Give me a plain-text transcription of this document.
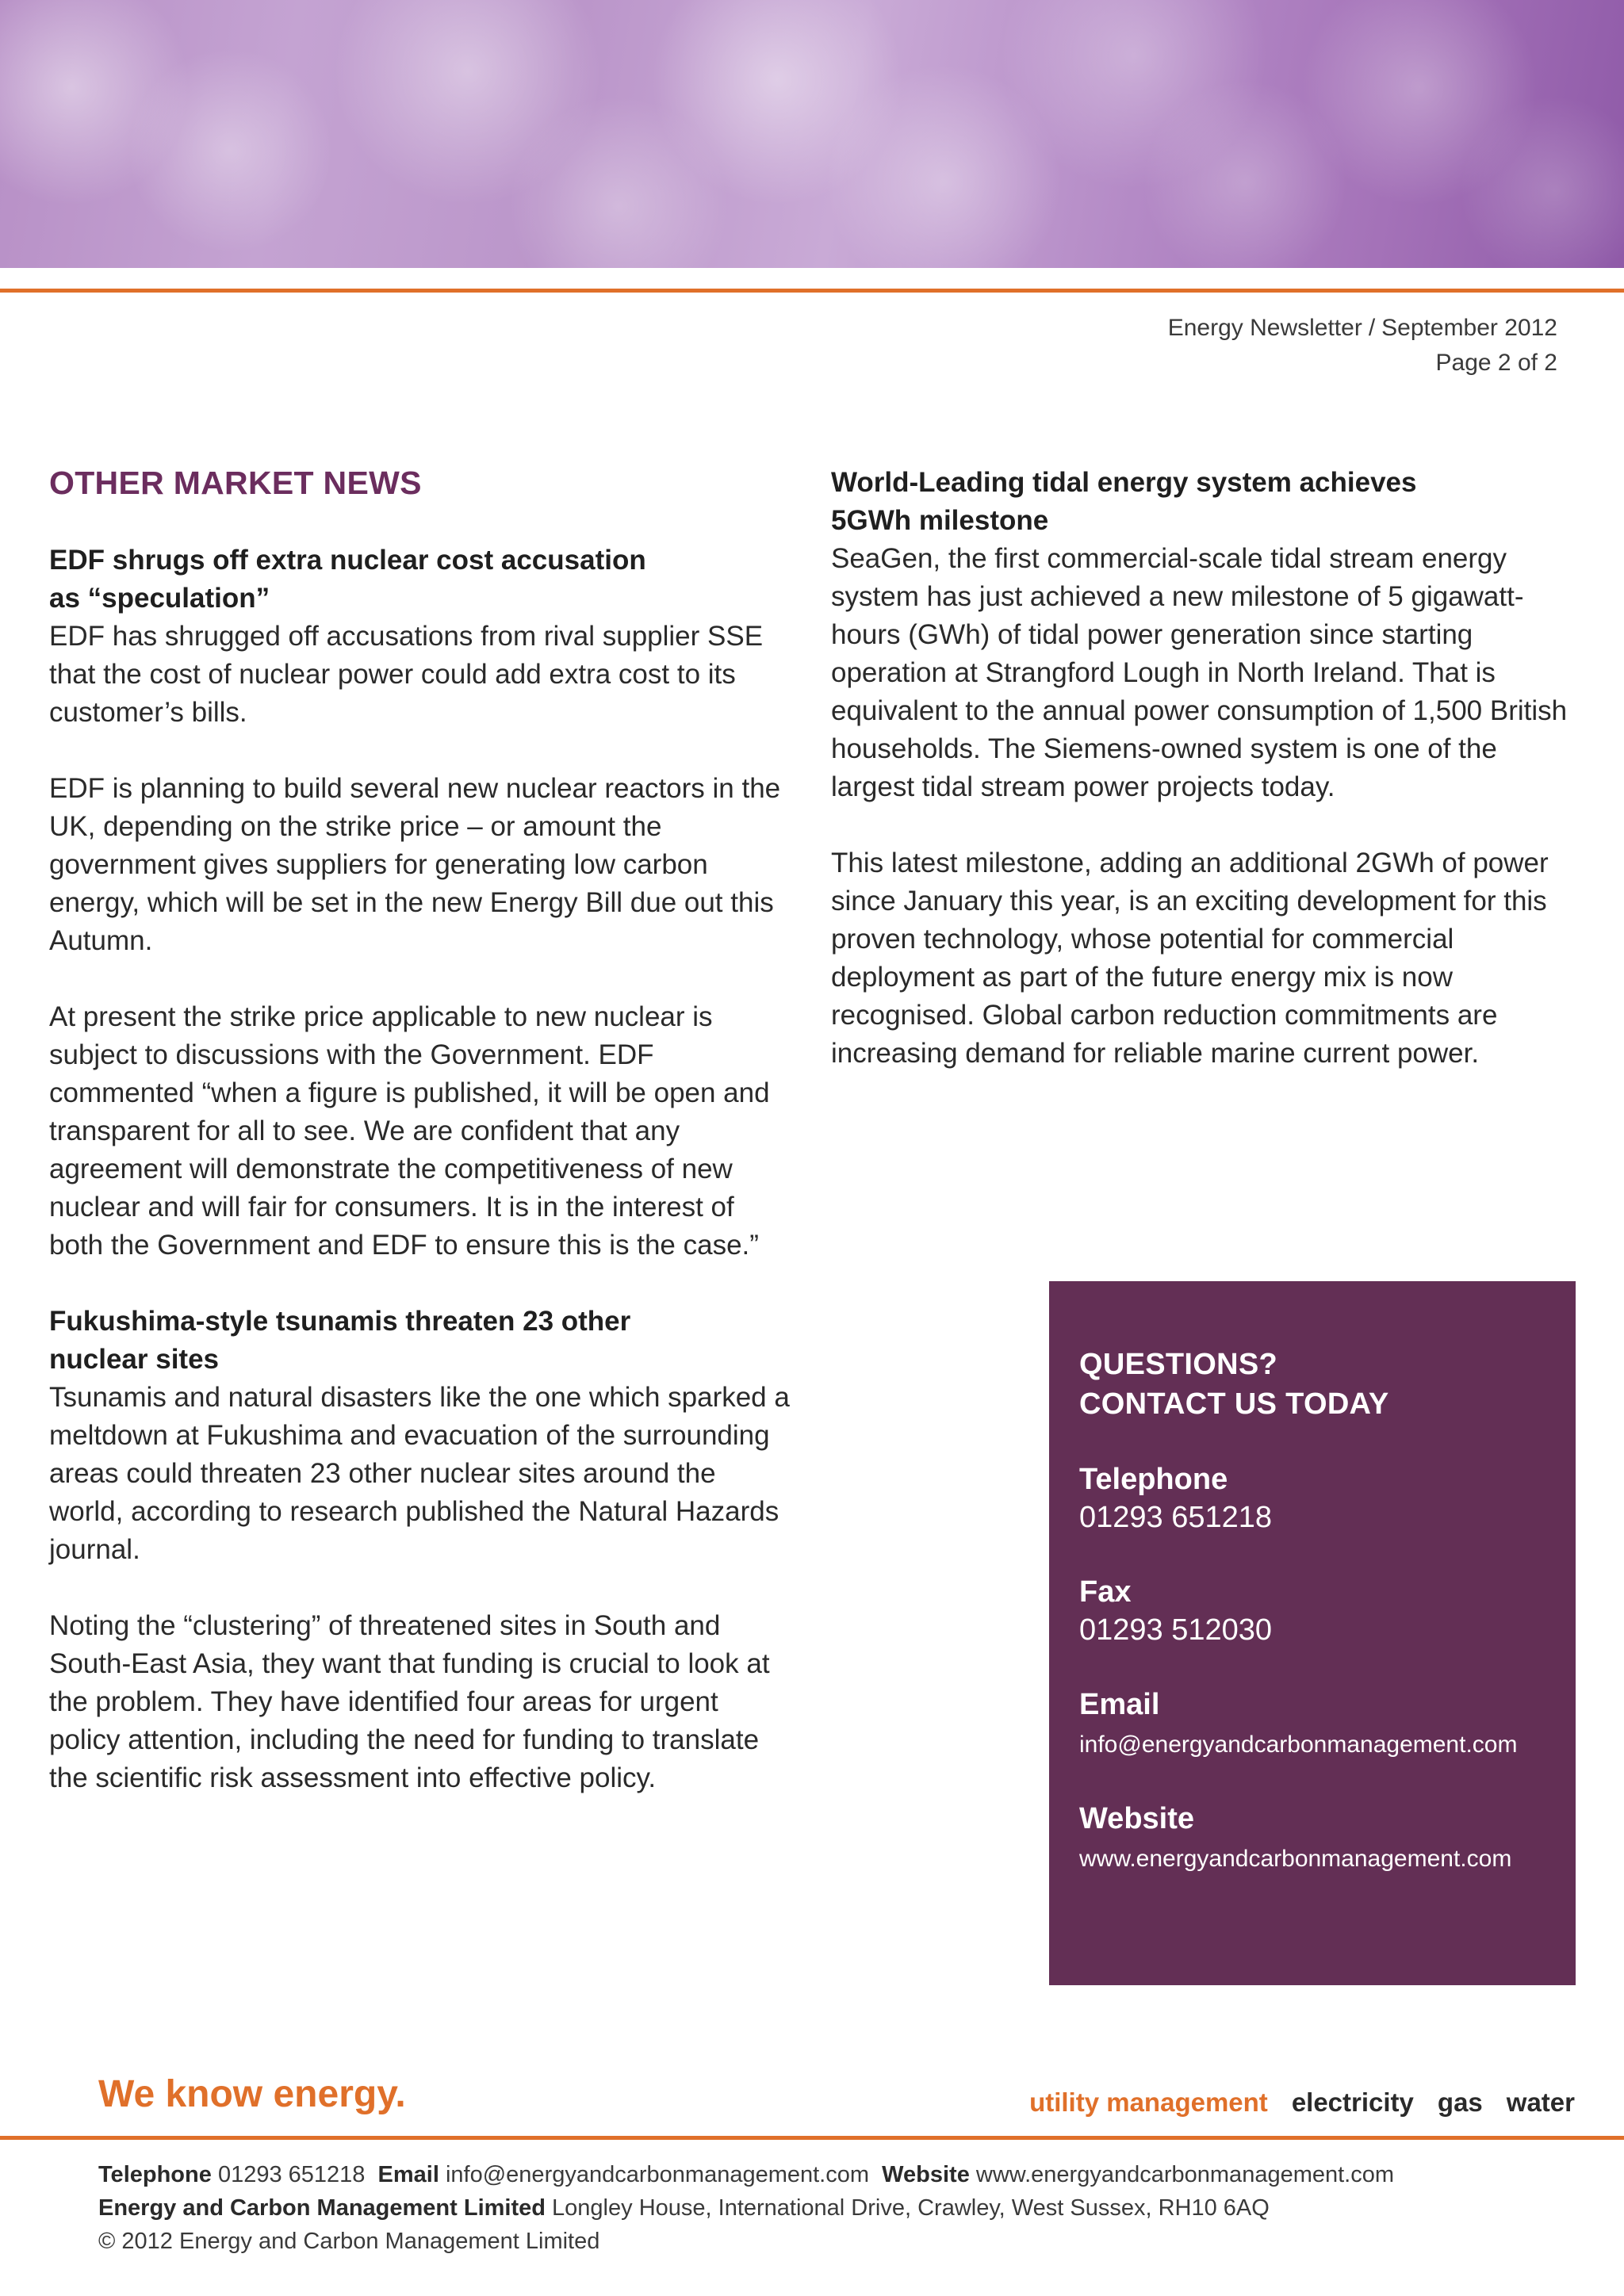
Energy Newsletter / September 2012
Page 2 of 2
OTHER MARKET NEWS
EDF shrugs off extra nuclear cost accusation
as “speculation”

EDF has shrugged off accusations from rival supplier SSE that the cost of nuclear power could add extra cost to its customer’s bills.

EDF is planning to build several new nuclear reactors in the UK, depending on the strike price – or amount the government gives suppliers for generating low carbon energy, which will be set in the new Energy Bill due out this Autumn.

At present the strike price applicable to new nuclear is subject to discussions with the Government. EDF commented “when a figure is published, it will be open and transparent for all to see. We are confident that any agreement will demonstrate the competitiveness of new nuclear and will fair for consumers. It is in the interest of both the Government and EDF to ensure this is the case.”

Fukushima-style tsunamis threaten 23 other
nuclear sites

Tsunamis and natural disasters like the one which sparked a meltdown at Fukushima and evacuation of the surrounding areas could threaten 23 other nuclear sites around the world, according to research published the Natural Hazards journal.

Noting the “clustering” of threatened sites in South and South-East Asia, they want that funding is crucial to look at the problem. They have identified four areas for urgent policy attention, including the need for funding to translate the scientific risk assessment into effective policy.

World-Leading tidal energy system achieves
5GWh milestone

SeaGen, the first commercial-scale tidal stream energy system has just achieved a new milestone of 5 gigawatt-hours (GWh) of tidal power generation since starting operation at Strangford Lough in North Ireland. That is equivalent to the annual power consumption of 1,500 British households. The Siemens-owned system is one of the largest tidal stream power projects today.

This latest milestone, adding an additional 2GWh of power since January this year, is an exciting development for this proven technology, whose potential for commercial deployment as part of the future energy mix is now recognised. Global carbon reduction commitments are increasing demand for reliable marine current power.

QUESTIONS?
CONTACT US TODAY
Telephone
01293 651218
Fax
01293 512030
Email
info@energyandcarbonmanagement.com
Website
www.energyandcarbonmanagement.com
We know energy.	utility management electricity gas water
Telephone 01293 651218 Email info@energyandcarbonmanagement.com Website www.energyandcarbonmanagement.com
Energy and Carbon Management Limited Longley House, International Drive, Crawley, West Sussex, RH10 6AQ
© 2012 Energy and Carbon Management Limited
